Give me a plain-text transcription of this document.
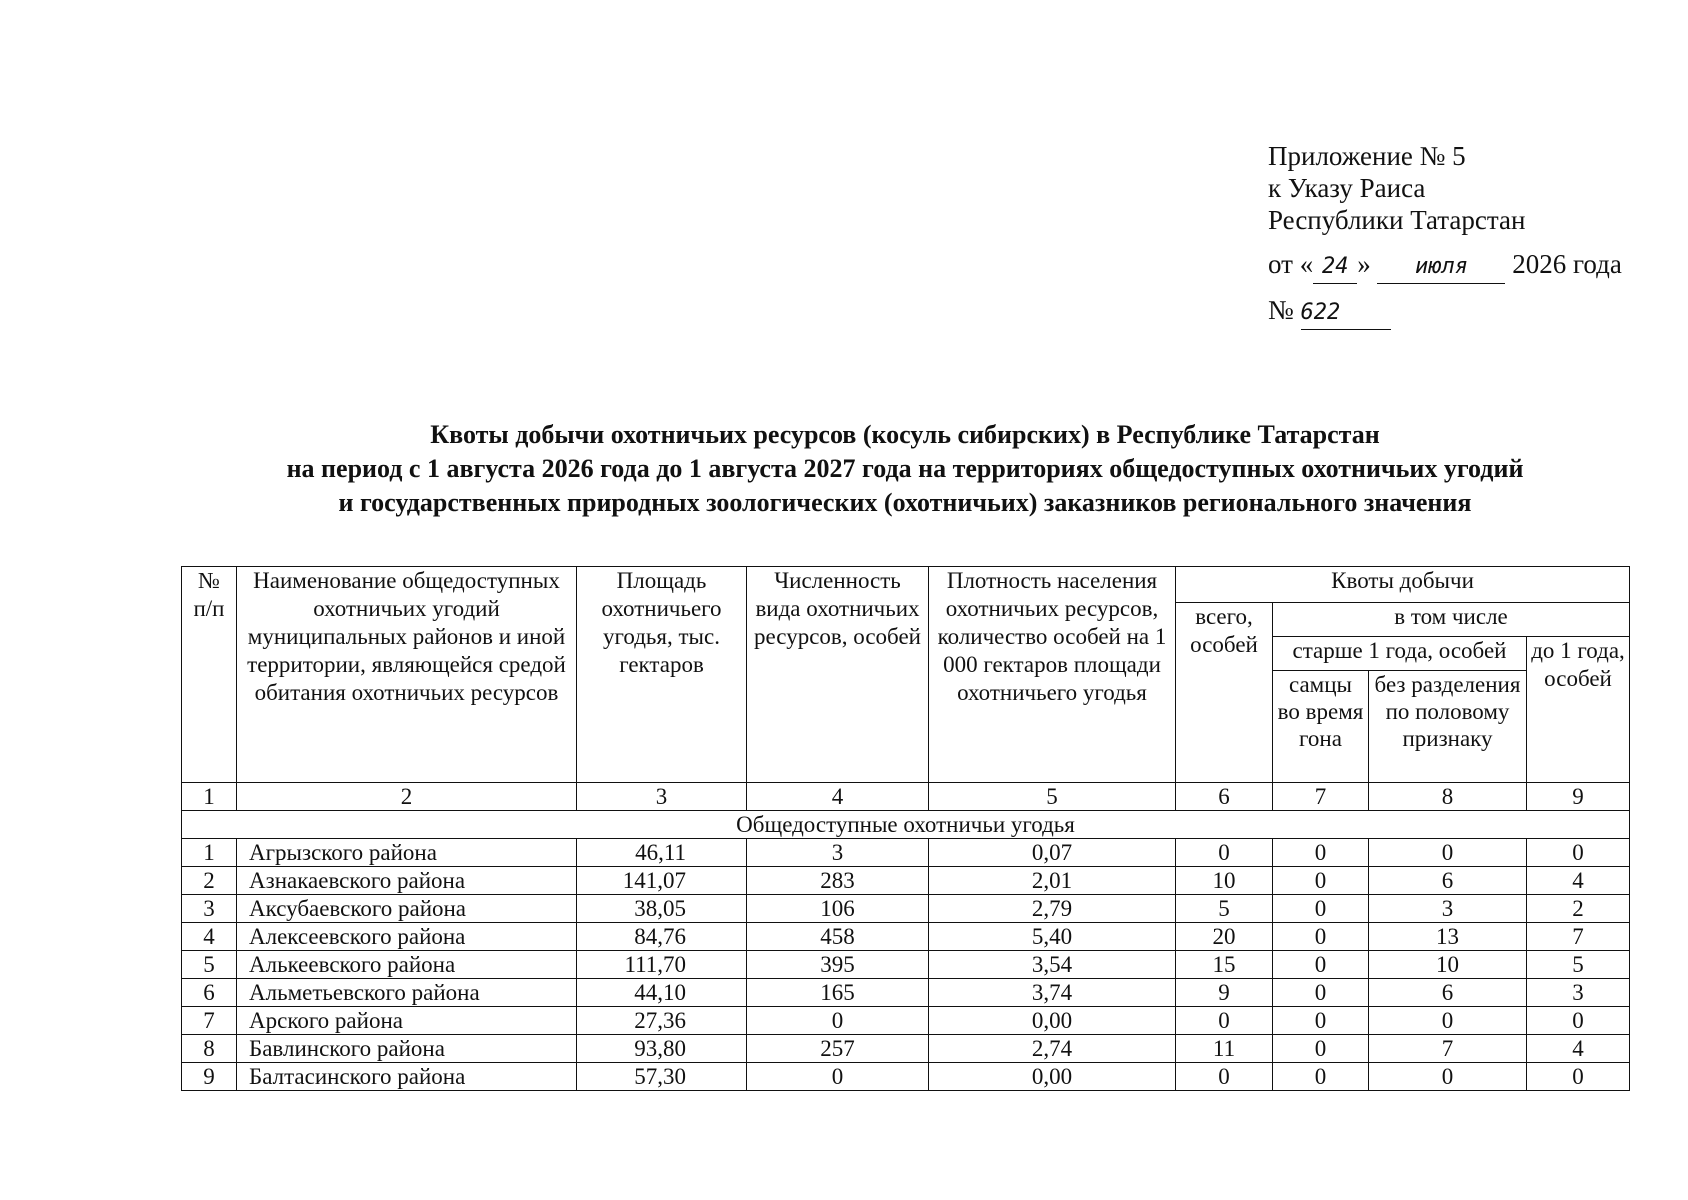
Приложение № 5
к Указу Раиса
Республики Татарстан
от « 24 » июля 2026 года
№ 622
Квоты добычи охотничьих ресурсов (косуль сибирских) в Республике Татарстан
на период с 1 августа 2026 года до 1 августа 2027 года на территориях общедоступных охотничьих угодий
и государственных природных зоологических (охотничьих) заказников регионального значения
№ п/п	Наименование общедоступных охотничьих угодий муниципальных районов и иной территории, являющейся средой обитания охотничьих ресурсов	Площадь охотничьего угодья, тыс. гектаров	Численность вида охотничьих ресурсов, особей	Плотность населения охотничьих ресурсов, количество особей на 1 000 гектаров площади охотничьего угодья	Квоты добычи			
					всего, особей	в том числе		
						старше 1 года, особей		до 1 года, особей
						самцы во время гона	без разделения по половому признаку	
1	2	3	4	5	6	7	8	9
Общедоступные охотничьи угодья								
1	Агрызского района	46,11	3	0,07	0	0	0	0
2	Азнакаевского района	141,07	283	2,01	10	0	6	4
3	Аксубаевского района	38,05	106	2,79	5	0	3	2
4	Алексеевского района	84,76	458	5,40	20	0	13	7
5	Алькеевского района	111,70	395	3,54	15	0	10	5
6	Альметьевского района	44,10	165	3,74	9	0	6	3
7	Арского района	27,36	0	0,00	0	0	0	0
8	Бавлинского района	93,80	257	2,74	11	0	7	4
9	Балтасинского района	57,30	0	0,00	0	0	0	0
